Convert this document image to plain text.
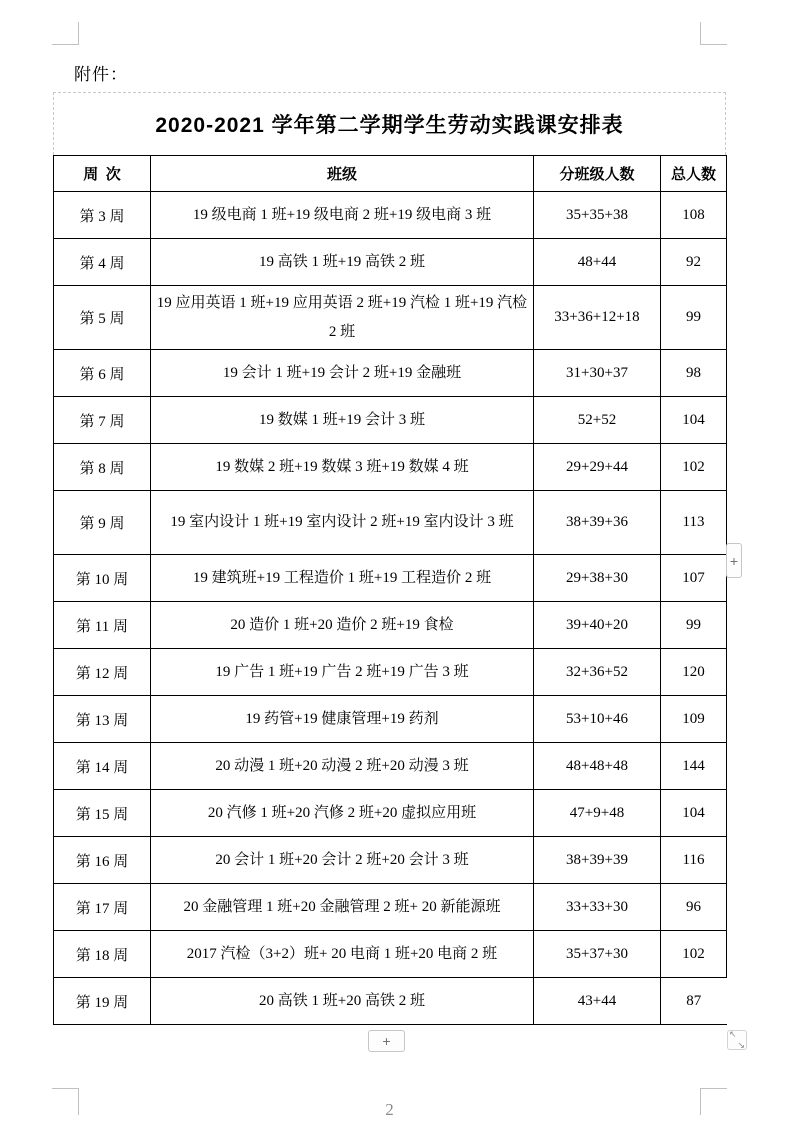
附件：
2020-2021 学年第二学期学生劳动实践课安排表
周 次	班级	分班级人数	总人数
第 3 周	19 级电商 1 班+19 级电商 2 班+19 级电商 3 班	35+35+38	108
第 4 周	19 高铁 1 班+19 高铁 2 班	48+44	92
第 5 周	19 应用英语 1 班+19 应用英语 2 班+19 汽检 1 班+19 汽检 2 班	33+36+12+18	99
第 6 周	19 会计 1 班+19 会计 2 班+19 金融班	31+30+37	98
第 7 周	19 数媒 1 班+19 会计 3 班	52+52	104
第 8 周	19 数媒 2 班+19 数媒 3 班+19 数媒 4 班	29+29+44	102
第 9 周	19 室内设计 1 班+19 室内设计 2 班+19 室内设计 3 班	38+39+36	113
第 10 周	19 建筑班+19 工程造价 1 班+19 工程造价 2 班	29+38+30	107
第 11 周	20 造价 1 班+20 造价 2 班+19 食检	39+40+20	99
第 12 周	19 广告 1 班+19 广告 2 班+19 广告 3 班	32+36+52	120
第 13 周	19 药管+19 健康管理+19 药剂	53+10+46	109
第 14 周	20 动漫 1 班+20 动漫 2 班+20 动漫 3 班	48+48+48	144
第 15 周	20 汽修 1 班+20 汽修 2 班+20 虚拟应用班	47+9+48	104
第 16 周	20 会计 1 班+20 会计 2 班+20 会计 3 班	38+39+39	116
第 17 周	20 金融管理 1 班+20 金融管理 2 班+ 20 新能源班	33+33+30	96
第 18 周	2017 汽检（3+2）班+ 20 电商 1 班+20 电商 2 班	35+37+30	102
第 19 周	20 高铁 1 班+20 高铁 2 班	43+44	87
+
+	↖
↘
2
